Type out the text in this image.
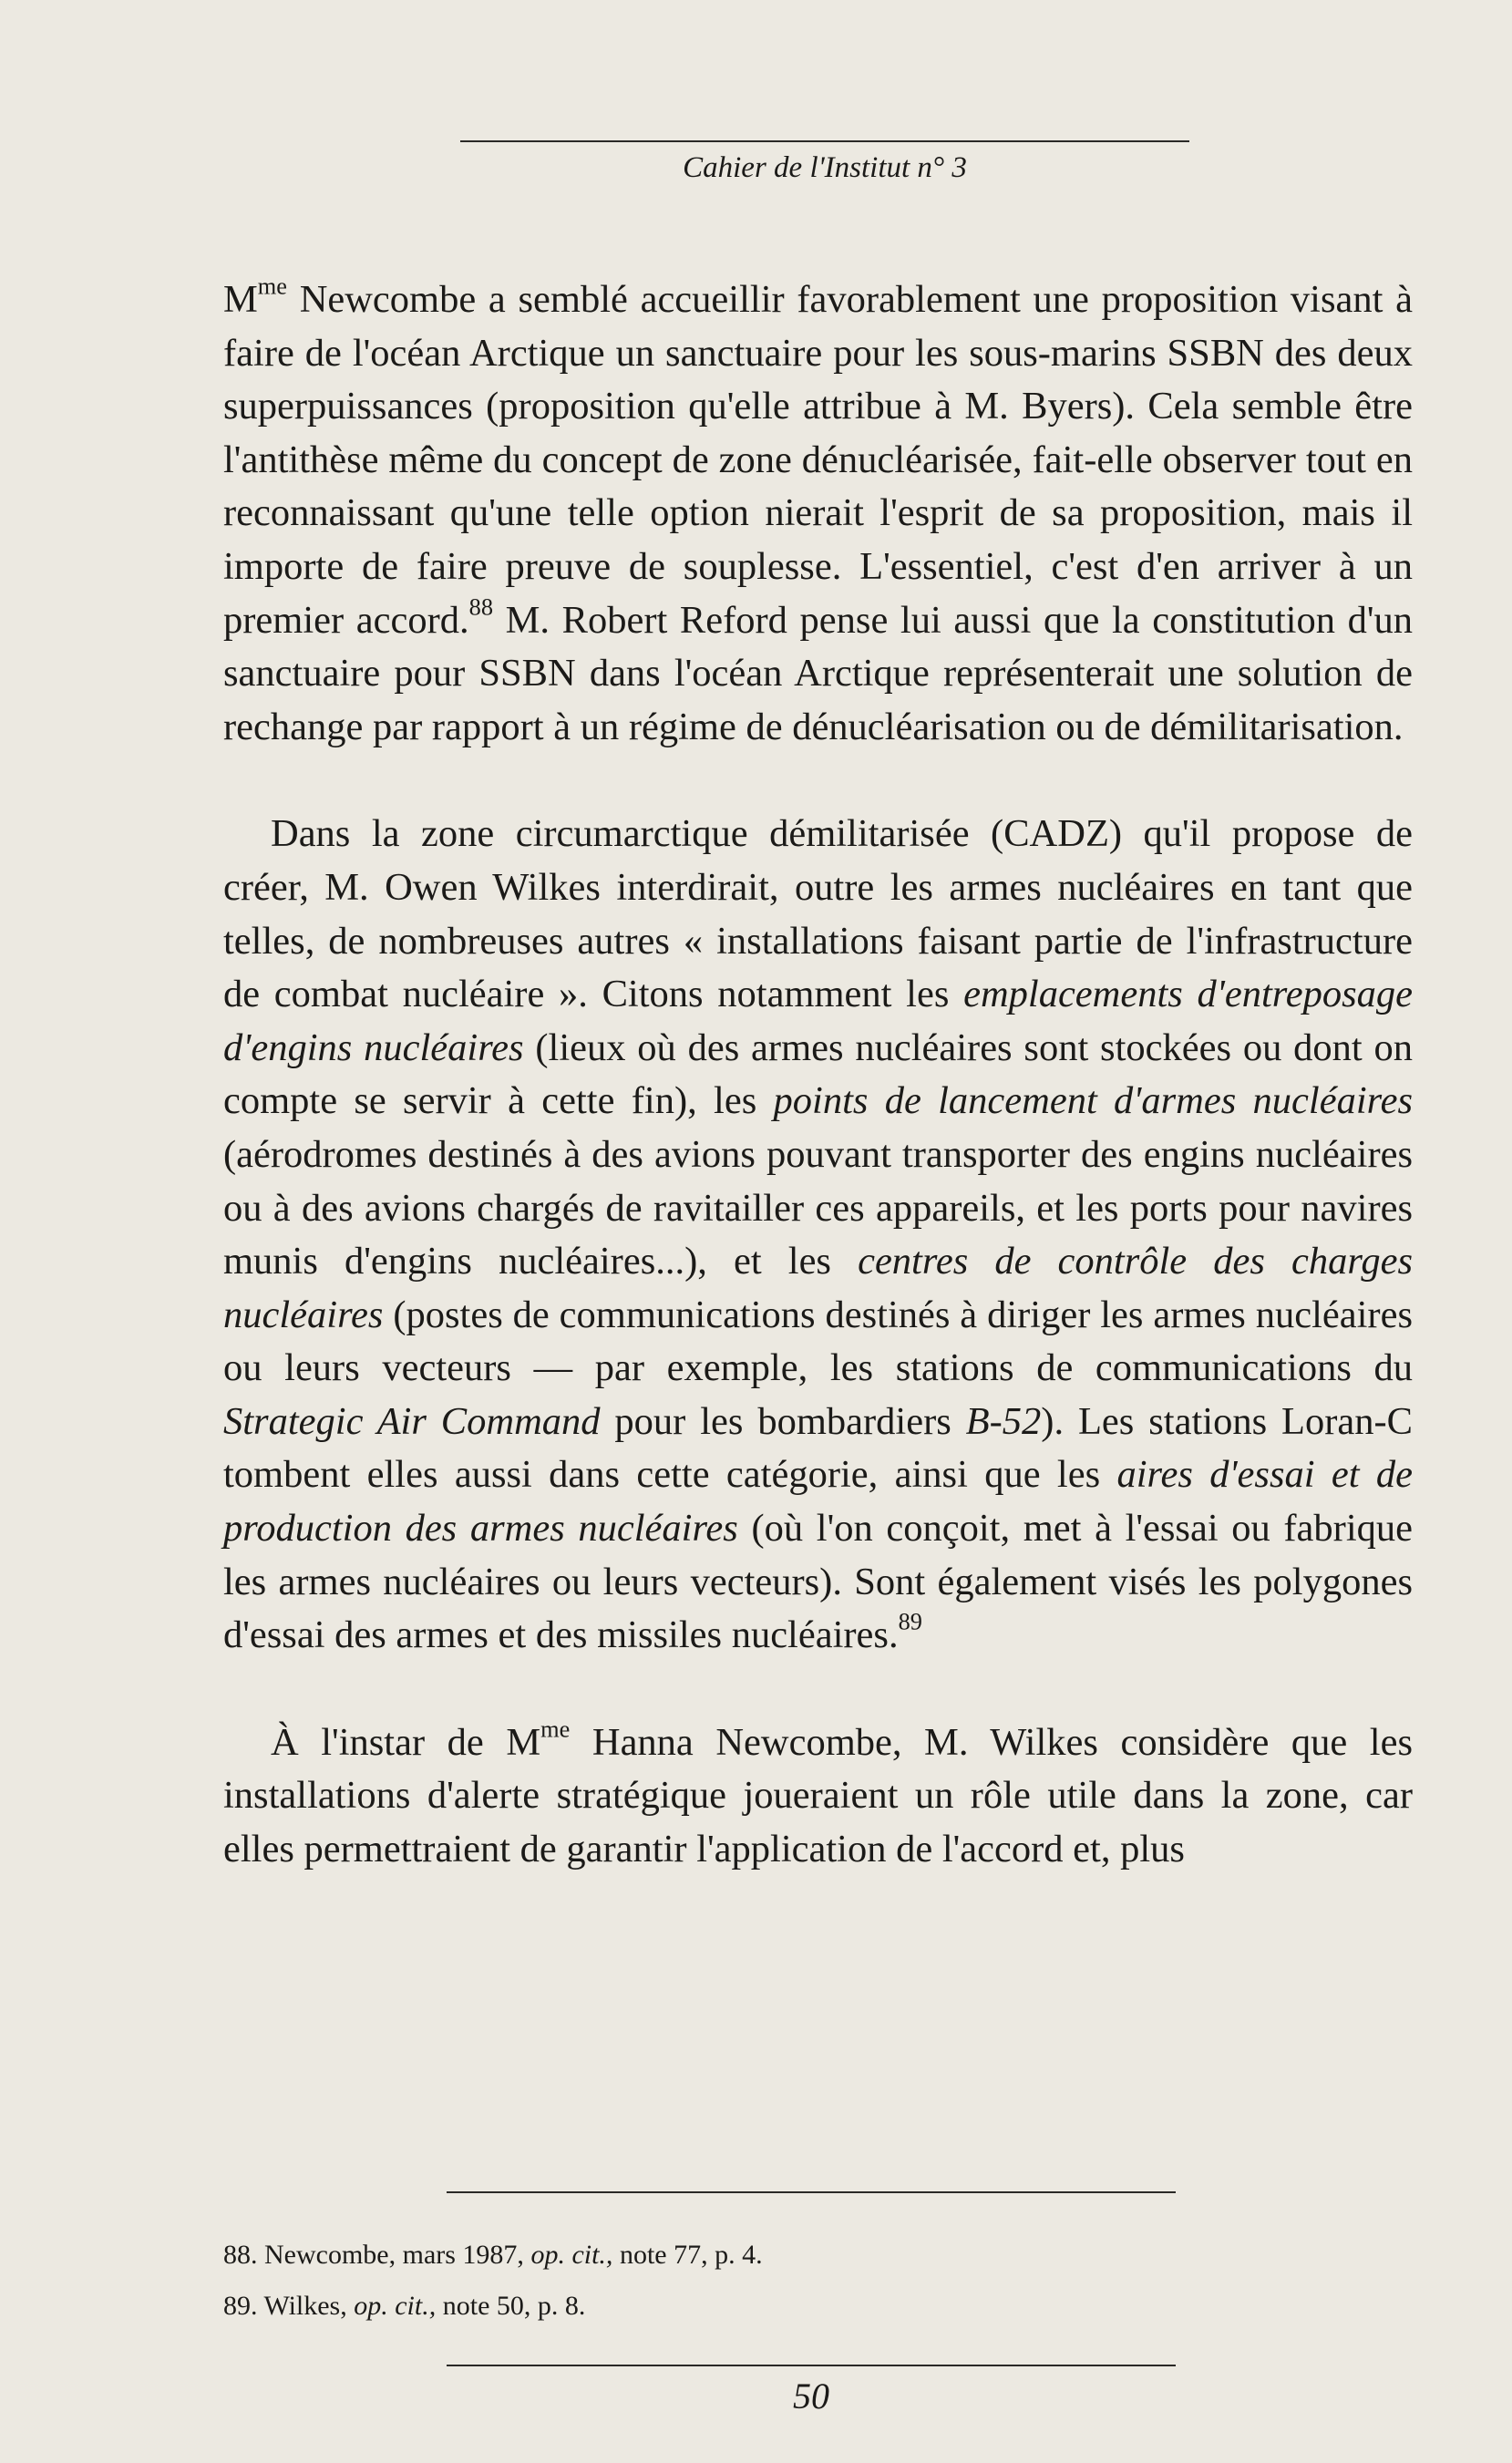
Cahier de l'Institut n° 3

$M^{me}$ Newcombe a semblé accueillir favorablement une proposition visant à faire de l'océan Arctique un sanctuaire pour les sous-marins SSBN des deux superpuissances (proposition qu'elle attribue à M. Byers). Cela semble être l'antithèse même du concept de zone dénucléarisée, fait-elle observer tout en reconnaissant qu'une telle option nierait l'esprit de sa proposition, mais il importe de faire preuve de souplesse. L'essentiel, c'est d'en arriver à un premier accord.$^{88}$ M. Robert Reford pense lui aussi que la constitution d'un sanctuaire pour SSBN dans l'océan Arctique représenterait une solution de rechange par rapport à un régime de dénucléarisation ou de démilitarisation.

Dans la zone circumarctique démilitarisée (CADZ) qu'il propose de créer, M. Owen Wilkes interdirait, outre les armes nucléaires en tant que telles, de nombreuses autres « installations faisant partie de l'infrastructure de combat nucléaire ». Citons notamment les emplacements d'entreposage d'engins nucléaires (lieux où des armes nucléaires sont stockées ou dont on compte se servir à cette fin), les points de lancement d'armes nucléaires (aérodromes destinés à des avions pouvant transporter des engins nucléaires ou à des avions chargés de ravitailler ces appareils, et les ports pour navires munis d'engins nucléaires...), et les centres de contrôle des charges nucléaires (postes de communications destinés à diriger les armes nucléaires ou leurs vecteurs — par exemple, les stations de communications du Strategic Air Command pour les bombardiers B-52). Les stations Loran-C tombent elles aussi dans cette catégorie, ainsi que les aires d'essai et de production des armes nucléaires (où l'on conçoit, met à l'essai ou fabrique les armes nucléaires ou leurs vecteurs). Sont également visés les polygones d'essai des armes et des missiles nucléaires.$^{89}$

À l'instar de $M^{me}$ Hanna Newcombe, M. Wilkes considère que les installations d'alerte stratégique joueraient un rôle utile dans la zone, car elles permettraient de garantir l'application de l'accord et, plus

88. Newcombe, mars 1987, op. cit., note 77, p. 4.
89. Wilkes, op. cit., note 50, p. 8.
50
